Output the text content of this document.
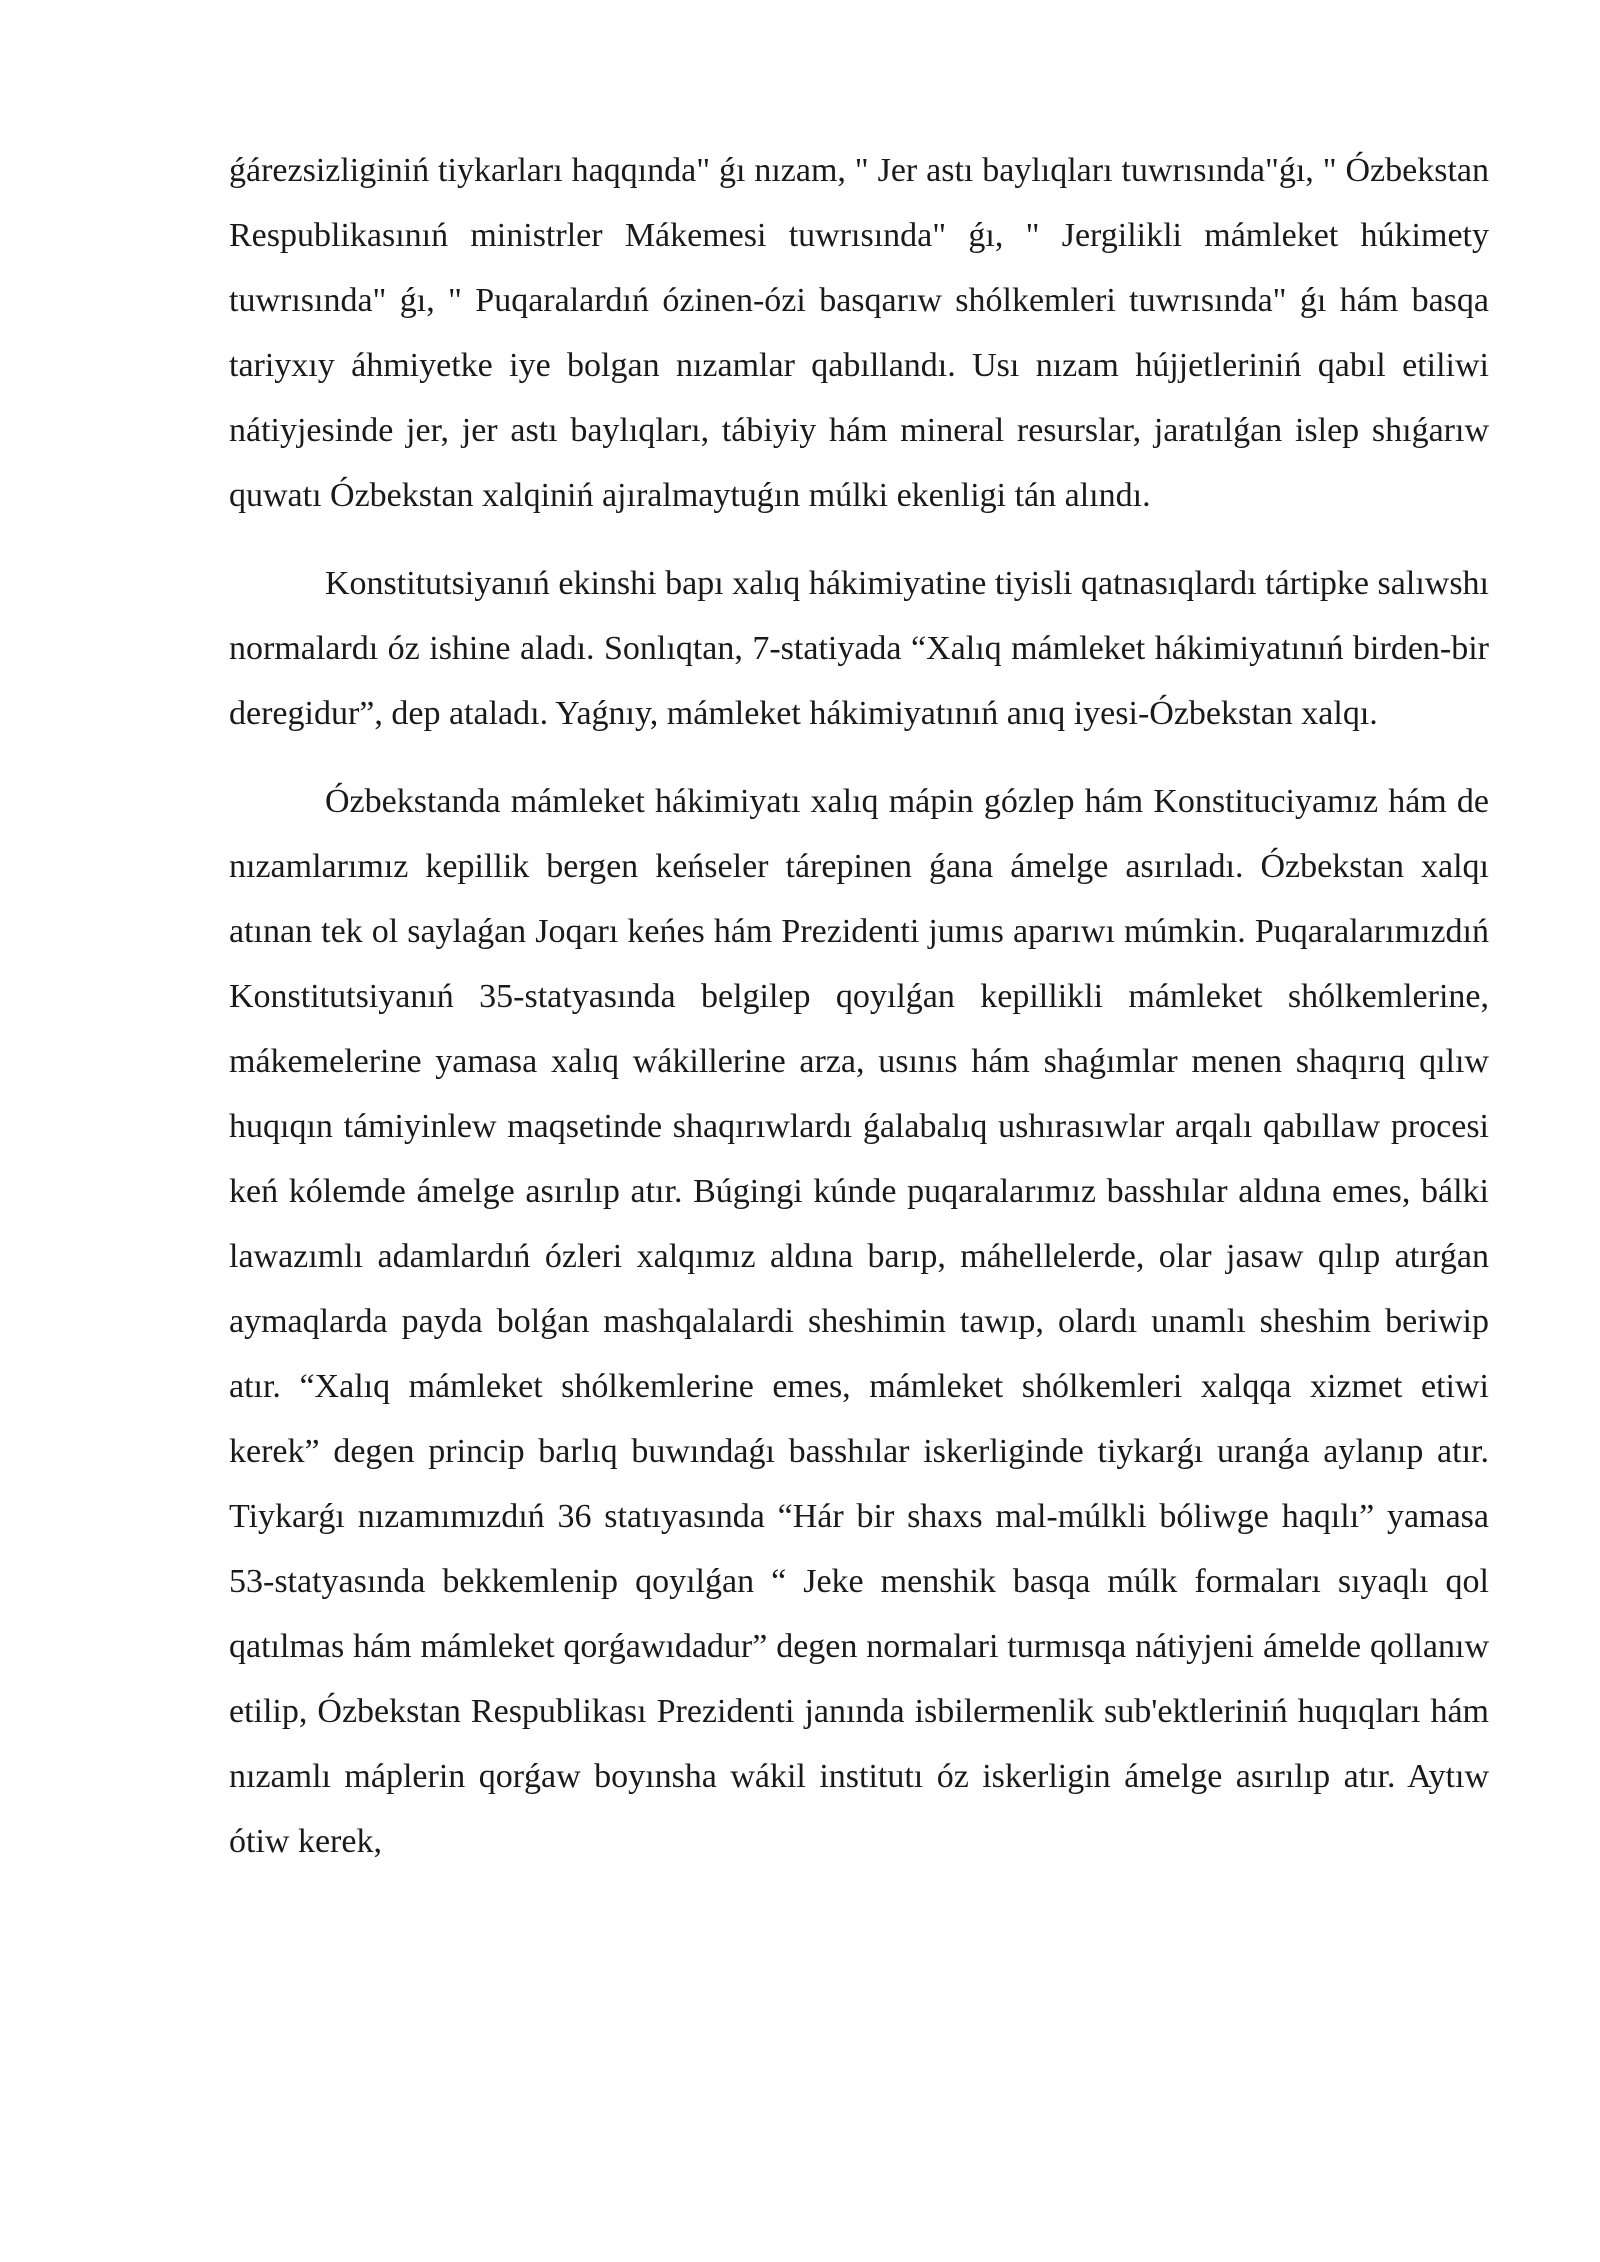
ǵárezsizliginiń tiykarları haqqında" ǵı nızam, " Jer astı baylıqları tuwrısında"ǵı, " Ózbekstan Respublikasınıń ministrler Mákemesi tuwrısında" ǵı, " Jergilikli mámleket húkimety tuwrısında" ǵı, " Puqaralardıń ózinen-ózi basqarıw shólkemleri tuwrısında" ǵı hám basqa tariyxıy áhmiyetke iye bolgan nızamlar qabıllandı. Usı nızam hújjetleriniń qabıl etiliwi nátiyjesinde jer, jer astı baylıqları, tábiyiy hám mineral resurslar, jaratılǵan islep shıǵarıw quwatı Ózbekstan xalqiniń ajıralmaytuǵın múlki ekenligi tán alındı.

Konstitutsiyanıń ekinshi bapı xalıq hákimiyatine tiyisli qatnasıqlardı tártipke salıwshı normalardı óz ishine aladı. Sonlıqtan, 7-statiyada “Xalıq mámleket hákimiyatınıń birden-bir deregidur”, dep ataladı. Yaǵnıy, mámleket hákimiyatınıń anıq iyesi-Ózbekstan xalqı.

Ózbekstanda mámleket hákimiyatı xalıq mápin gózlep hám Konstituciyamız hám de nızamlarımız kepillik bergen keńseler tárepinen ǵana ámelge asırıladı. Ózbekstan xalqı atınan tek ol saylaǵan Joqarı keńes hám Prezidenti jumıs aparıwı múmkin. Puqaralarımızdıń Konstitutsiyanıń 35-statyasında belgilep qoyılǵan kepillikli mámleket shólkemlerine, mákemelerine yamasa xalıq wákillerine arza, usınıs hám shaǵımlar menen shaqırıq qılıw huqıqın támiyinlew maqsetinde shaqırıwlardı ǵalabalıq ushırasıwlar arqalı qabıllaw procesi keń kólemde ámelge asırılıp atır. Búgingi kúnde puqaralarımız basshılar aldına emes, bálki lawazımlı adamlardıń ózleri xalqımız aldına barıp, máhellelerde, olar jasaw qılıp atırǵan aymaqlarda payda bolǵan mashqalalardi sheshimin tawıp, olardı unamlı sheshim beriwip atır. “Xalıq mámleket shólkemlerine emes, mámleket shólkemleri xalqqa xizmet etiwi kerek” degen princip barlıq buwındaǵı basshılar iskerliginde tiykarǵı uranǵa aylanıp atır. Tiykarǵı nızamımızdıń 36 statıyasında “Hár bir shaxs mal-múlkli bóliwge haqılı” yamasa 53-statyasında bekkemlenip qoyılǵan “ Jeke menshik basqa múlk formaları sıyaqlı qol qatılmas hám mámleket qorǵawıdadur” degen normalari turmısqa nátiyjeni ámelde qollanıw etilip, Ózbekstan Respublikası Prezidenti janında isbilermenlik sub'ektleriniń huqıqları hám nızamlı máplerin qorǵaw boyınsha wákil institutı óz iskerligin ámelge asırılıp atır. Aytıw ótiw kerek,
